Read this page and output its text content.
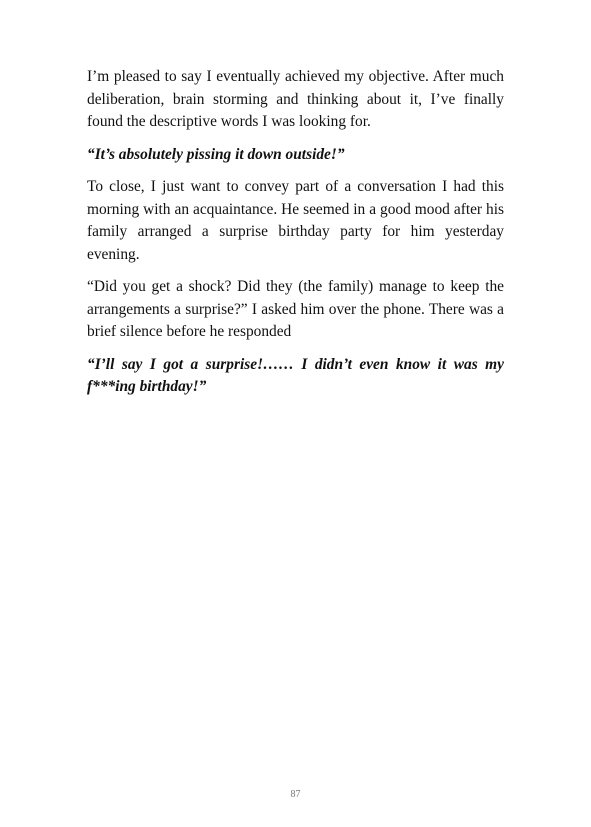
I’m pleased to say I eventually achieved my objective. After much deliberation, brain storming and thinking about it, I’ve finally found the descriptive words I was looking for.

“It’s absolutely pissing it down outside!”

To close, I just want to convey part of a conversation I had this morning with an acquaintance. He seemed in a good mood after his family arranged a surprise birthday party for him yesterday evening.

“Did you get a shock? Did they (the family) manage to keep the arrangements a surprise?” I asked him over the phone. There was a brief silence before he responded

“I’ll say I got a surprise!…… I didn’t even know it was my f***ing birthday!”

87
